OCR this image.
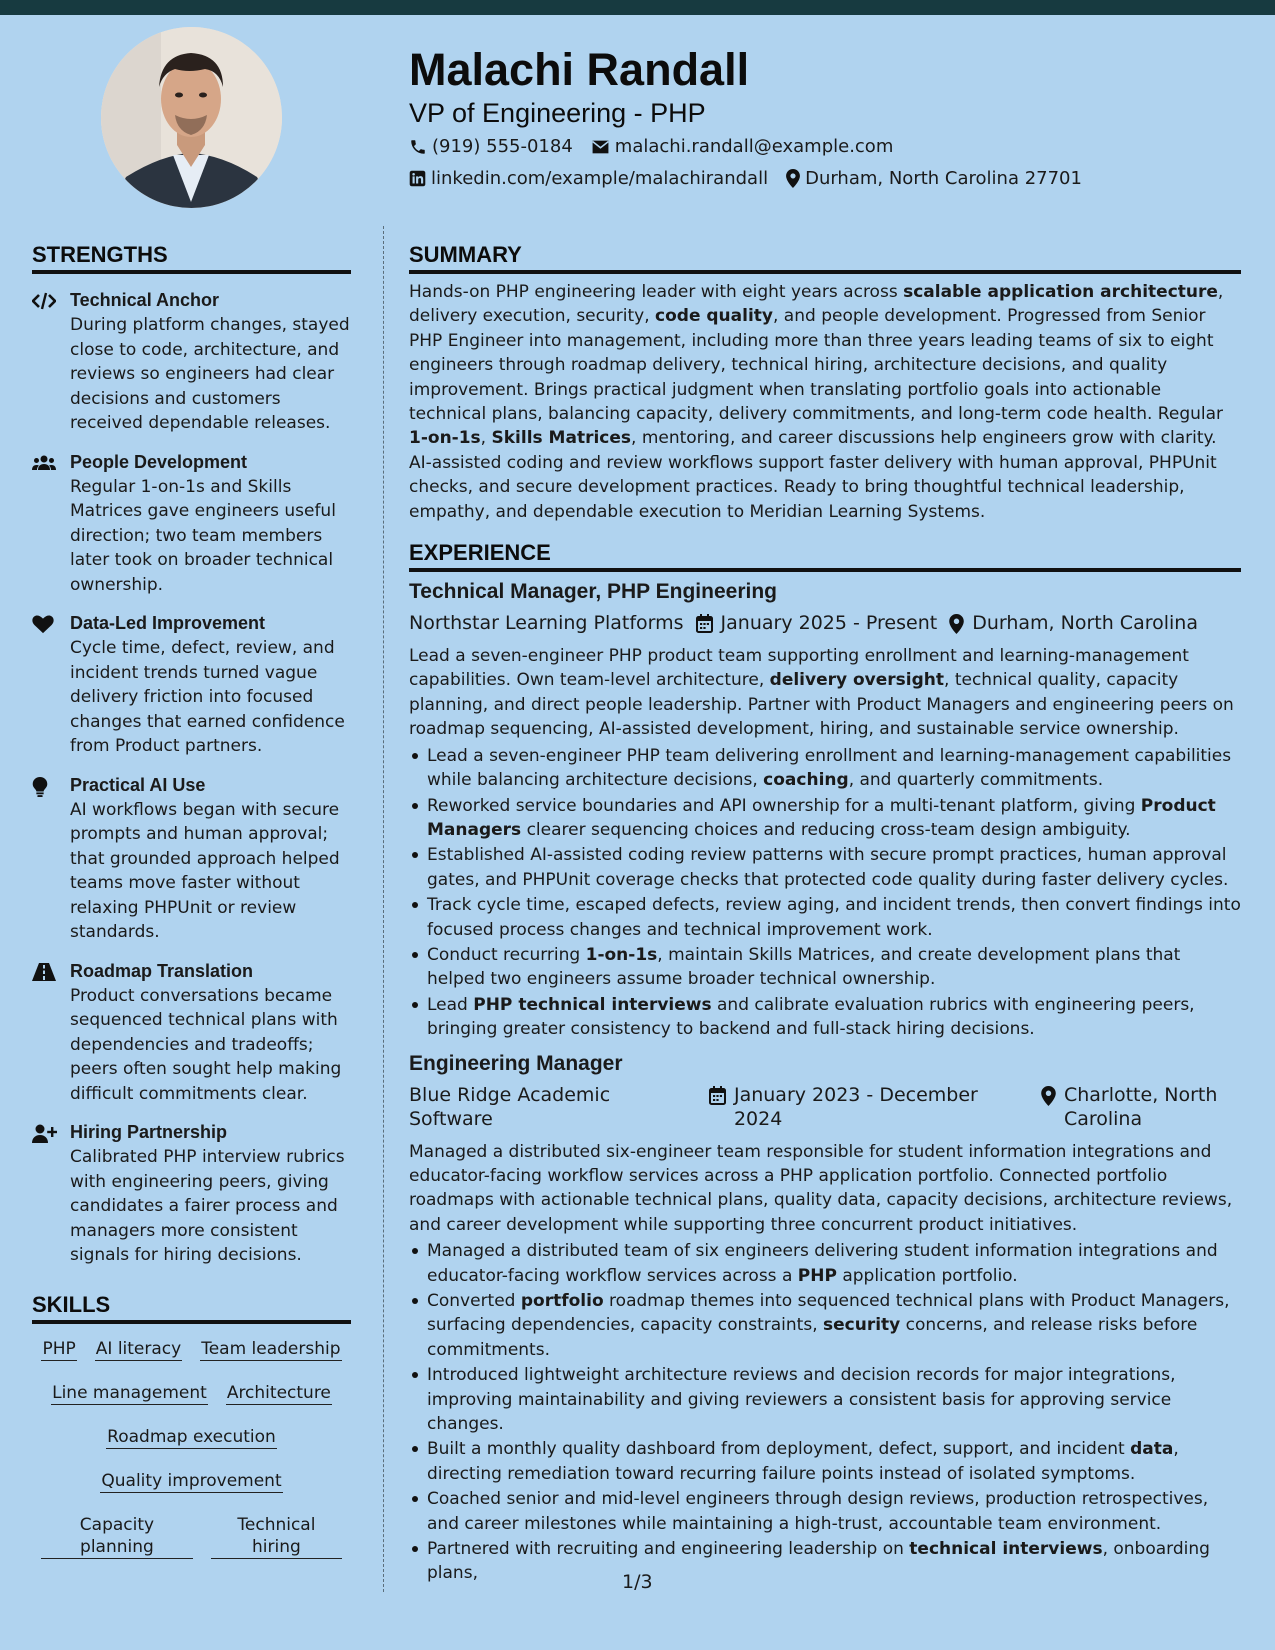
Malachi Randall
VP of Engineering - PHP
(919) 555-0184 malachi.randall@example.com
linkedin.com/example/malachirandall Durham, North Carolina 27701
STRENGTHS
Technical Anchor
During platform changes, stayed close to code, architecture, and reviews so engineers had clear decisions and customers received dependable releases.
People Development
Regular 1-on-1s and Skills Matrices gave engineers useful direction; two team members later took on broader technical ownership.
Data-Led Improvement
Cycle time, defect, review, and incident trends turned vague delivery friction into focused changes that earned confidence from Product partners.
Practical AI Use
AI workflows began with secure prompts and human approval; that grounded approach helped teams move faster without relaxing PHPUnit or review standards.
Roadmap Translation
Product conversations became sequenced technical plans with dependencies and tradeoffs; peers often sought help making difficult commitments clear.
Hiring Partnership
Calibrated PHP interview rubrics with engineering peers, giving candidates a fairer process and managers more consistent signals for hiring decisions.
SKILLS
PHP AI literacy Team leadership
Line management Architecture
Roadmap execution
Quality improvement
Capacity planning
Technical hiring
SUMMARY
Hands-on PHP engineering leader with eight years across scalable application architecture, delivery execution, security, code quality, and people development. Progressed from Senior PHP Engineer into management, including more than three years leading teams of six to eight engineers through roadmap delivery, technical hiring, architecture decisions, and quality improvement. Brings practical judgment when translating portfolio goals into actionable technical plans, balancing capacity, delivery commitments, and long-term code health. Regular 1-on-1s, Skills Matrices, mentoring, and career discussions help engineers grow with clarity. AI-assisted coding and review workflows support faster delivery with human approval, PHPUnit checks, and secure development practices. Ready to bring thoughtful technical leadership, empathy, and dependable execution to Meridian Learning Systems.
EXPERIENCE
Technical Manager, PHP Engineering
Northstar Learning Platforms January 2025 - Present Durham, North Carolina
Lead a seven-engineer PHP product team supporting enrollment and learning-management capabilities. Own team-level architecture, delivery oversight, technical quality, capacity planning, and direct people leadership. Partner with Product Managers and engineering peers on roadmap sequencing, AI-assisted development, hiring, and sustainable service ownership.
Lead a seven-engineer PHP team delivering enrollment and learning-management capabilities while balancing architecture decisions, coaching, and quarterly commitments.
Reworked service boundaries and API ownership for a multi-tenant platform, giving Product Managers clearer sequencing choices and reducing cross-team design ambiguity.
Established AI-assisted coding review patterns with secure prompt practices, human approval gates, and PHPUnit coverage checks that protected code quality during faster delivery cycles.
Track cycle time, escaped defects, review aging, and incident trends, then convert findings into focused process changes and technical improvement work.
Conduct recurring 1-on-1s, maintain Skills Matrices, and create development plans that helped two engineers assume broader technical ownership.
Lead PHP technical interviews and calibrate evaluation rubrics with engineering peers, bringing greater consistency to backend and full-stack hiring decisions.
Engineering Manager
Blue Ridge Academic Software
January 2023 - December 2024
Charlotte, North Carolina
Managed a distributed six-engineer team responsible for student information integrations and educator-facing workflow services across a PHP application portfolio. Connected portfolio roadmaps with actionable technical plans, quality data, capacity decisions, architecture reviews, and career development while supporting three concurrent product initiatives.
Managed a distributed team of six engineers delivering student information integrations and educator-facing workflow services across a PHP application portfolio.
Converted portfolio roadmap themes into sequenced technical plans with Product Managers, surfacing dependencies, capacity constraints, security concerns, and release risks before commitments.
Introduced lightweight architecture reviews and decision records for major integrations, improving maintainability and giving reviewers a consistent basis for approving service changes.
Built a monthly quality dashboard from deployment, defect, support, and incident data, directing remediation toward recurring failure points instead of isolated symptoms.
Coached senior and mid-level engineers through design reviews, production retrospectives, and career milestones while maintaining a high-trust, accountable team environment.
Partnered with recruiting and engineering leadership on technical interviews, onboarding plans,	1/3
